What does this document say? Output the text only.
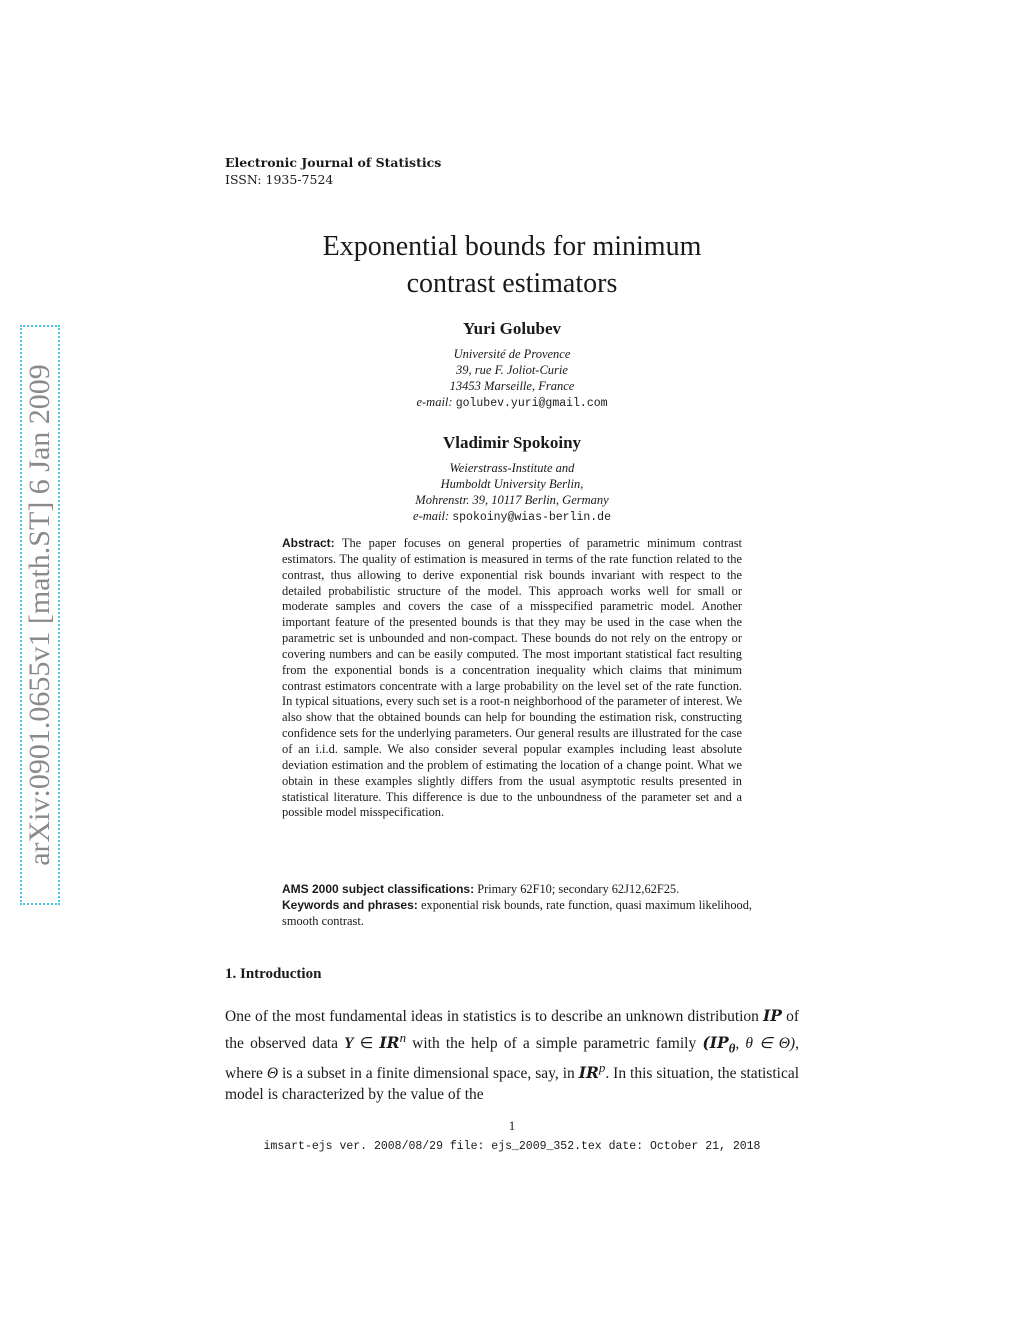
Electronic Journal of Statistics
ISSN: 1935-7524
Exponential bounds for minimum
contrast estimators
Yuri Golubev
Université de Provence
39, rue F. Joliot-Curie
13453 Marseille, France
e-mail: golubev.yuri@gmail.com
Vladimir Spokoiny
Weierstrass-Institute and
Humboldt University Berlin,
Mohrenstr. 39, 10117 Berlin, Germany
e-mail: spokoiny@wias-berlin.de
Abstract: The paper focuses on general properties of parametric minimum contrast estimators. The quality of estimation is measured in terms of the rate function related to the contrast, thus allowing to derive exponential risk bounds invariant with respect to the detailed probabilistic structure of the model. This approach works well for small or moderate samples and covers the case of a misspecified parametric model. Another important feature of the presented bounds is that they may be used in the case when the parametric set is unbounded and non-compact. These bounds do not rely on the entropy or covering numbers and can be easily computed. The most important statistical fact resulting from the exponential bonds is a concentration inequality which claims that minimum contrast estimators concentrate with a large probability on the level set of the rate function. In typical situations, every such set is a root-n neighborhood of the parameter of interest. We also show that the obtained bounds can help for bounding the estimation risk, constructing confidence sets for the underlying parameters. Our general results are illustrated for the case of an i.i.d. sample. We also consider several popular examples including least absolute deviation estimation and the problem of estimating the location of a change point. What we obtain in these examples slightly differs from the usual asymptotic results presented in statistical literature. This difference is due to the unboundness of the parameter set and a possible model misspecification.
AMS 2000 subject classifications: Primary 62F10; secondary 62J12,62F25.
Keywords and phrases: exponential risk bounds, rate function, quasi maximum likelihood, smooth contrast.
1. Introduction
One of the most fundamental ideas in statistics is to describe an unknown distribution IP of the observed data Y ∈ $IR^n$ with the help of a simple parametric family ($IP_\theta$, θ ∈ Θ), where Θ is a subset in a finite dimensional space, say, in $IR^p$. In this situation, the statistical model is characterized by the value of the
1
imsart-ejs ver. 2008/08/29 file: ejs_2009_352.tex date: October 21, 2018
arXiv:0901.0655v1 [math.ST] 6 Jan 2009
